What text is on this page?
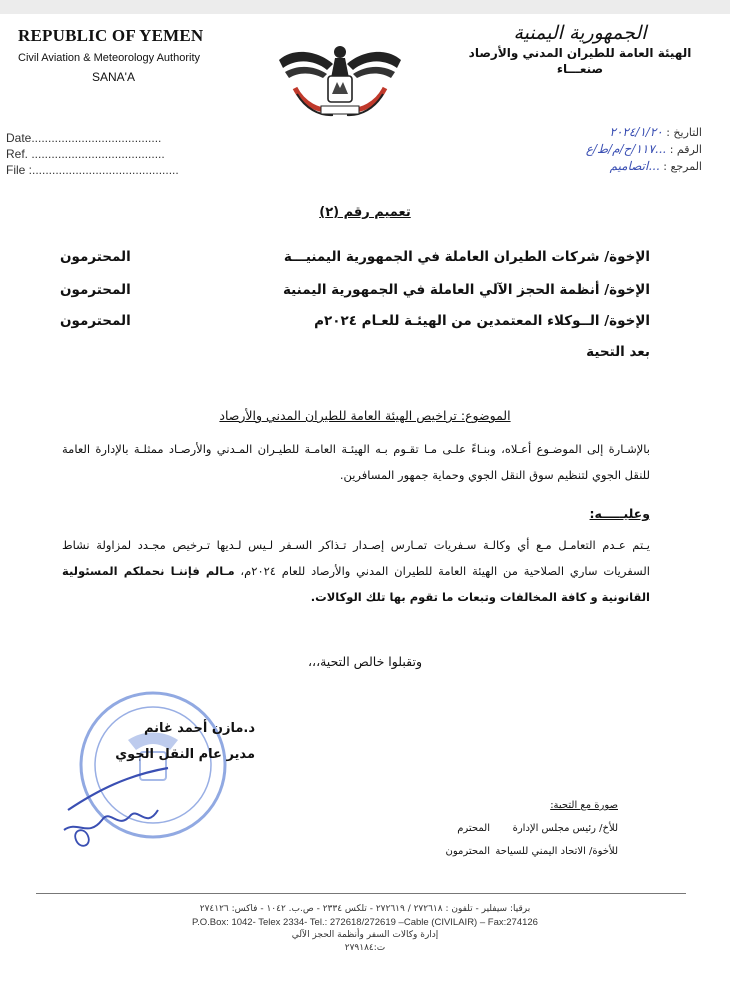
REPUBLIC OF YEMEN
Civil Aviation & Meteorology Authority
SANA'A
الجمهورية اليمنية
الهيئة العامة للطيران المدني والأرصاد
صنعـــاء
Date.......................................
Ref. ........................................
File :............................................
التاريخ : ٢٠٢٤/١/٢٠
الرقم : ...١١٧/ح/م/ط/ع
المرجع : ...اتصاميم
تعميم رقم (٢)
الإخوة/ شركات الطيران العاملة في الجمهورية اليمنيـــة
المحترمون
الإخوة/ أنظمة الحجز الآلي العاملة في الجمهورية اليمنية
المحترمون
الإخوة/ الــوكلاء المعتمدين من الهيئـة للعـام ٢٠٢٤م
المحترمون
بعد التحية
الموضوع: تراخيص الهيئة العامة للطيران المدني والأرصاد
بالإشـارة إلى الموضـوع أعـلاه، وبنـاءً علـى مـا تقـوم بـه الهيئـة العامـة للطيـران المـدني والأرصـاد ممثلـة بالإدارة العامة للنقل الجوي لتنظيم سوق النقل الجوي وحماية جمهور المسافرين.
وعليـــــه:
يـتم عـدم التعامـل مـع أي وكالـة سـفريات تمـارس إصـدار تـذاكر السـفر لـيس لـديها تـرخيص مجـدد لمزاولة نشاط السفريات ساري الصلاحية من الهيئة العامة للطيران المدني والأرصاد للعام ٢٠٢٤م، مـالم فإننـا نحملكم المسئولية القانونية و كافة المخالفات وتبعات ما تقوم بها تلك الوكالات.
وتقبلوا خالص التحية،،،
د.مازن أحمد غانم
مدير عام النقل الجوي
صورة مع التحية:
للأخ/ رئيس مجلس الإدارة
المحترم
للأخوة/ الاتحاد اليمني للسياحة
المحترمون
برقيا: سيفلير - تلفون : ٢٧٢٦١٨ / ٢٧٢٦١٩ - تلكس ٢٣٣٤ - ص.ب. ١٠٤٢ - فاكس: ٢٧٤١٢٦
P.O.Box: 1042- Telex 2334- Tel.: 272618/272619 –Cable (CIVILAIR) – Fax:274126
إدارة وكالات السفر وأنظمة الحجز الآلي
ت:٢٧٩١٨٤
